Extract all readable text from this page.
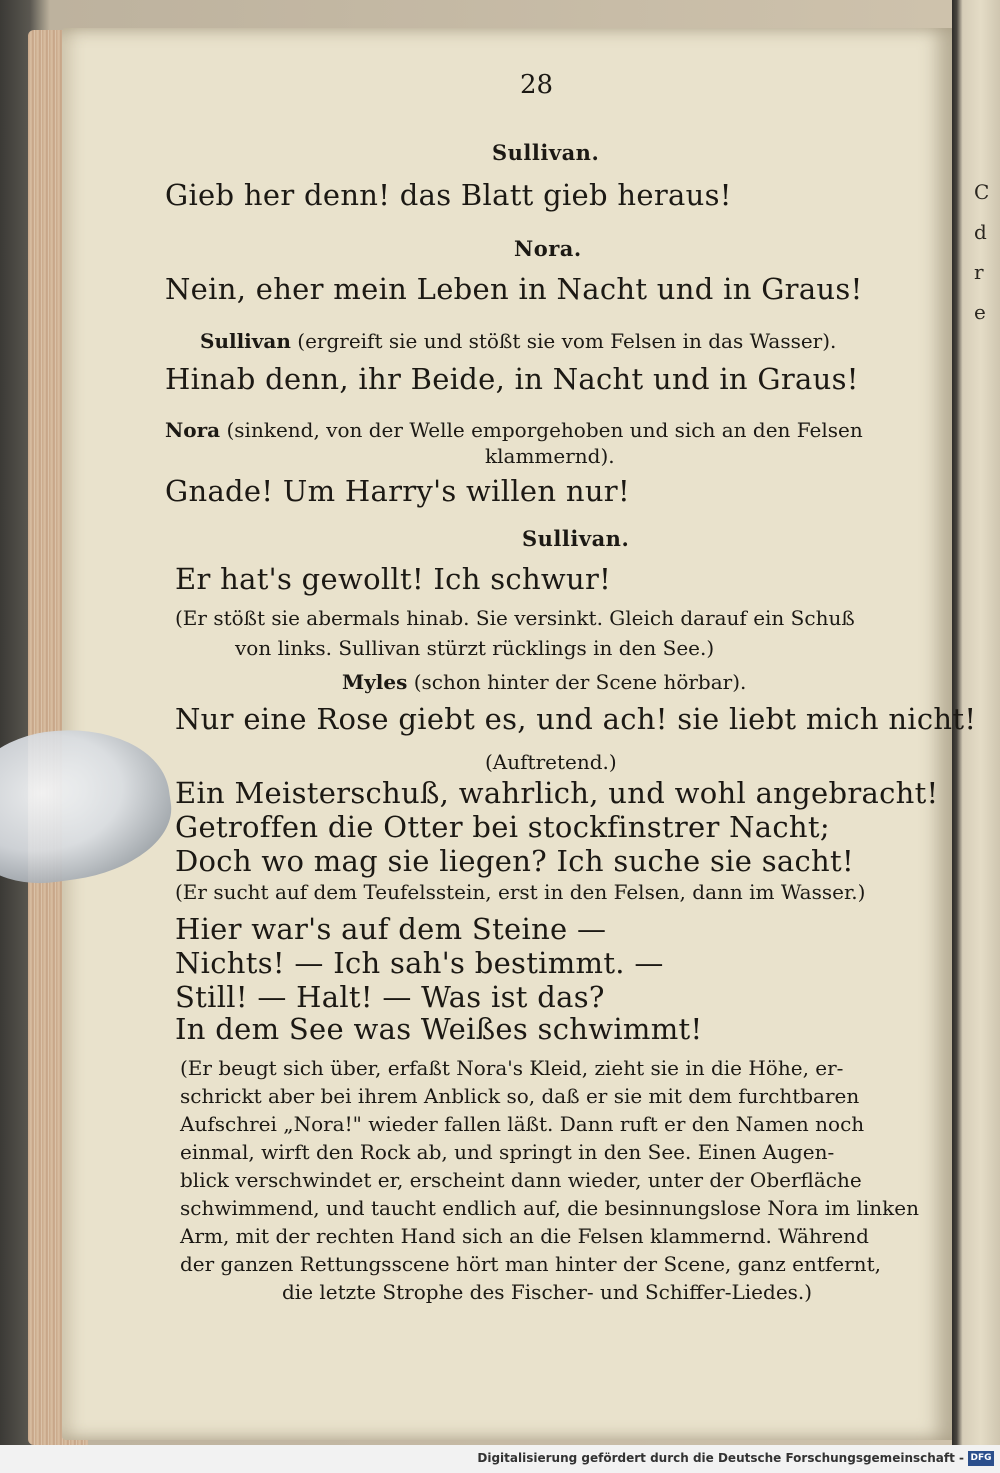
C
d
r
e
28
Sullivan.
Gieb her denn! das Blatt gieb heraus!
Nora.
Nein, eher mein Leben in Nacht und in Graus!
Sullivan (ergreift sie und stößt sie vom Felsen in das Wasser).
Hinab denn, ihr Beide, in Nacht und in Graus!
Nora (sinkend, von der Welle emporgehoben und sich an den Felsen
klammernd).
Gnade! Um Harry's willen nur!
Sullivan.
Er hat's gewollt! Ich schwur!
(Er stößt sie abermals hinab. Sie versinkt. Gleich darauf ein Schuß
von links. Sullivan stürzt rücklings in den See.)
Myles (schon hinter der Scene hörbar).
Nur eine Rose giebt es, und ach! sie liebt mich nicht!
(Auftretend.)
Ein Meisterschuß, wahrlich, und wohl angebracht!
Getroffen die Otter bei stockfinstrer Nacht;
Doch wo mag sie liegen? Ich suche sie sacht!
(Er sucht auf dem Teufelsstein, erst in den Felsen, dann im Wasser.)
Hier war's auf dem Steine —
Nichts! — Ich sah's bestimmt. —
Still! — Halt! — Was ist das?
In dem See was Weißes schwimmt!
(Er beugt sich über, erfaßt Nora's Kleid, zieht sie in die Höhe, er-
schrickt aber bei ihrem Anblick so, daß er sie mit dem furchtbaren
Aufschrei „Nora!" wieder fallen läßt. Dann ruft er den Namen noch
einmal, wirft den Rock ab, und springt in den See. Einen Augen-
blick verschwindet er, erscheint dann wieder, unter der Oberfläche
schwimmend, und taucht endlich auf, die besinnungslose Nora im linken
Arm, mit der rechten Hand sich an die Felsen klammernd. Während
der ganzen Rettungsscene hört man hinter der Scene, ganz entfernt,
die letzte Strophe des Fischer- und Schiffer-Liedes.)
Digitalisierung gefördert durch die Deutsche Forschungsgemeinschaft - DFG
